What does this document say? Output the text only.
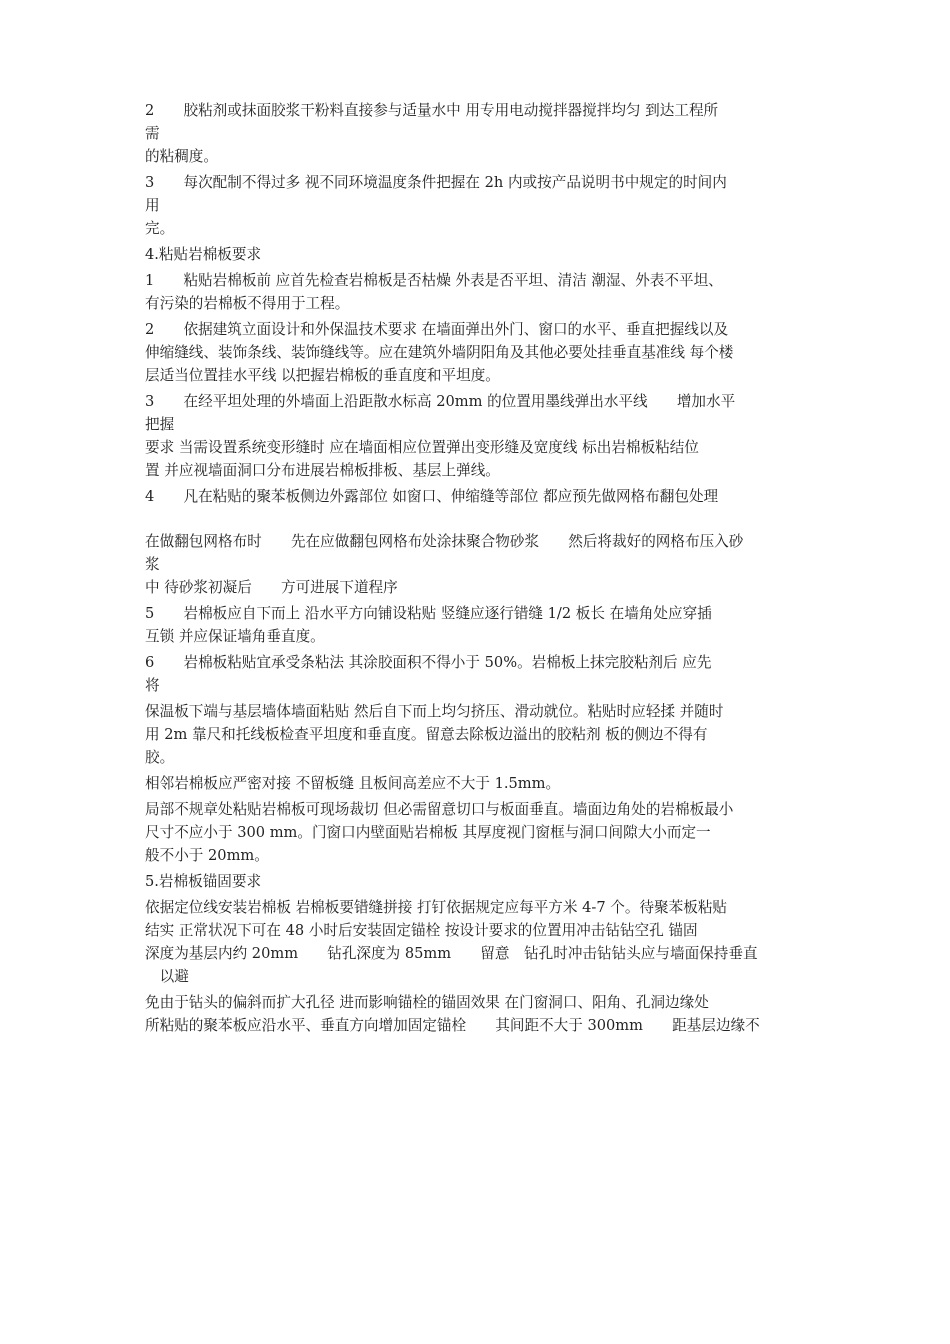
2　　胶粘剂或抹面胶浆干粉料直接参与适量水中 用专用电动搅拌器搅拌均匀 到达工程所
需
的粘稠度。
3　　每次配制不得过多 视不同环境温度条件把握在 2h 内或按产品说明书中规定的时间内
用
完。
4.粘贴岩棉板要求
1　　粘贴岩棉板前 应首先检查岩棉板是否枯燥 外表是否平坦、清洁 潮湿、外表不平坦、
有污染的岩棉板不得用于工程。
2　　依据建筑立面设计和外保温技术要求 在墙面弹出外门、窗口的水平、垂直把握线以及
伸缩缝线、装饰条线、装饰缝线等。应在建筑外墙阴阳角及其他必要处挂垂直基准线 每个楼
层适当位置挂水平线 以把握岩棉板的垂直度和平坦度。
3　　在经平坦处理的外墙面上沿距散水标高 20mm 的位置用墨线弹出水平线　　增加水平
把握
要求 当需设置系统变形缝时 应在墙面相应位置弹出变形缝及宽度线 标出岩棉板粘结位
置 并应视墙面洞口分布进展岩棉板排板、基层上弹线。
4　　凡在粘贴的聚苯板侧边外露部位 如窗口、伸缩缝等部位 都应预先做网格布翻包处理
在做翻包网格布时　　先在应做翻包网格布处涂抹聚合物砂浆　　然后将裁好的网格布压入砂
浆
中 待砂浆初凝后　　方可进展下道程序
5　　岩棉板应自下而上 沿水平方向铺设粘贴 竖缝应逐行错缝 1/2 板长 在墙角处应穿插
互锁 并应保证墙角垂直度。
6　　岩棉板粘贴宜承受条粘法 其涂胶面积不得小于 50%。岩棉板上抹完胶粘剂后 应先
将
保温板下端与基层墙体墙面粘贴 然后自下而上均匀挤压、滑动就位。粘贴时应轻揉 并随时
用 2m 靠尺和托线板检查平坦度和垂直度。留意去除板边溢出的胶粘剂 板的侧边不得有
胶。
相邻岩棉板应严密对接 不留板缝 且板间高差应不大于 1.5mm。
局部不规章处粘贴岩棉板可现场裁切 但必需留意切口与板面垂直。墙面边角处的岩棉板最小
尺寸不应小于 300 mm。门窗口内壁面贴岩棉板 其厚度视门窗框与洞口间隙大小而定一
般不小于 20mm。
5.岩棉板锚固要求
依据定位线安装岩棉板 岩棉板要错缝拼接 打钉依据规定应每平方米 4-7 个。待聚苯板粘贴
结实 正常状况下可在 48 小时后安装固定锚栓 按设计要求的位置用冲击钻钻空孔 锚固
深度为基层内约 20mm　　钻孔深度为 85mm　　留意　钻孔时冲击钻钻头应与墙面保持垂直
　以避
免由于钻头的偏斜而扩大孔径 进而影响锚栓的锚固效果 在门窗洞口、阳角、孔洞边缘处
所粘贴的聚苯板应沿水平、垂直方向增加固定锚栓　　其间距不大于 300mm　　距基层边缘不
